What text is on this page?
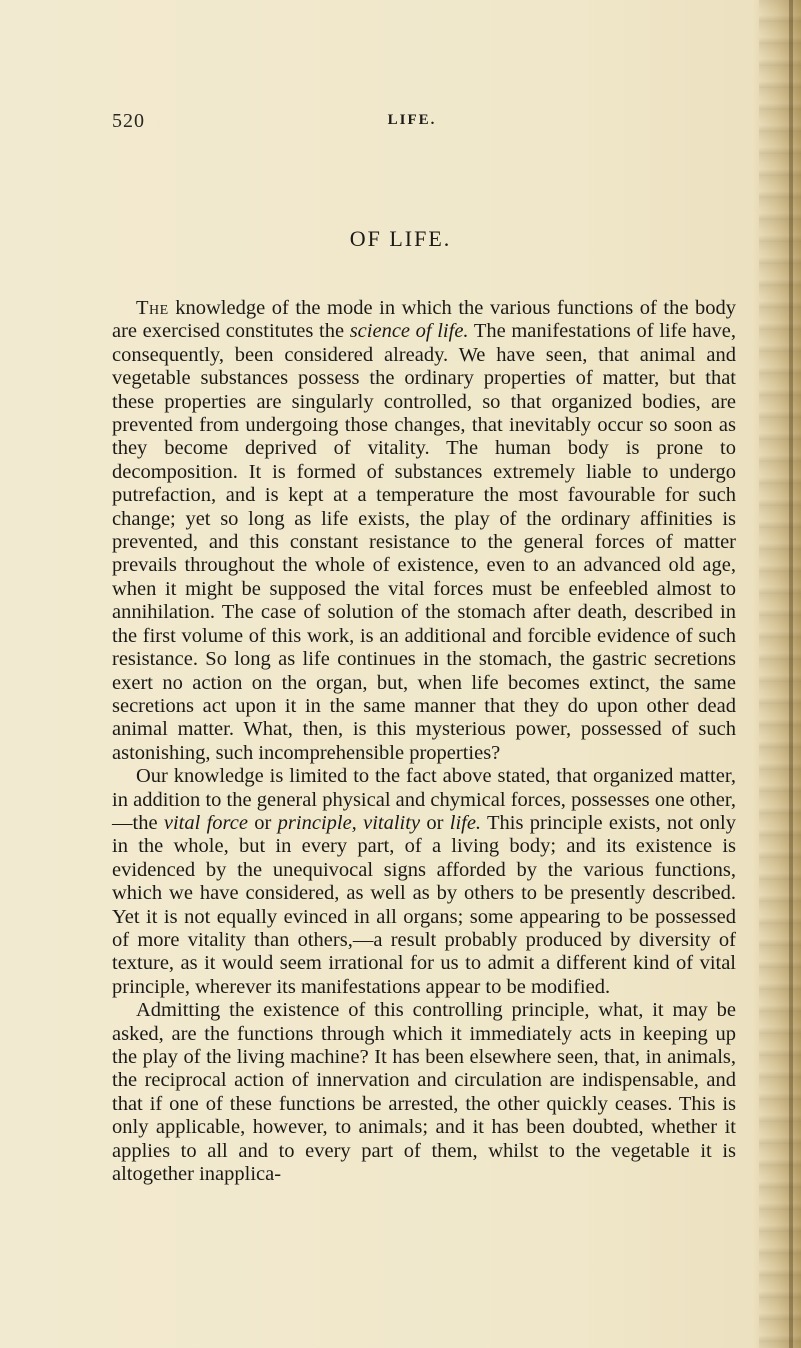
520	LIFE.
OF LIFE.

The knowledge of the mode in which the various functions of the body are exercised constitutes the science of life. The manifestations of life have, consequently, been considered already. We have seen, that animal and vegetable substances possess the ordinary properties of matter, but that these properties are singularly controlled, so that organized bodies, are prevented from undergoing those changes, that inevitably occur so soon as they become deprived of vitality. The human body is prone to decomposition. It is formed of substances extremely liable to undergo putrefaction, and is kept at a temperature the most favourable for such change; yet so long as life exists, the play of the ordinary affinities is prevented, and this constant resistance to the general forces of matter prevails throughout the whole of existence, even to an advanced old age, when it might be supposed the vital forces must be enfeebled almost to annihilation. The case of solution of the stomach after death, described in the first volume of this work, is an additional and forcible evidence of such resistance. So long as life continues in the stomach, the gastric secretions exert no action on the organ, but, when life becomes extinct, the same secretions act upon it in the same manner that they do upon other dead animal matter. What, then, is this mysterious power, possessed of such astonishing, such incomprehensible properties?

Our knowledge is limited to the fact above stated, that organized matter, in addition to the general physical and chymical forces, possesses one other,—the vital force or principle, vitality or life. This principle exists, not only in the whole, but in every part, of a living body; and its existence is evidenced by the unequivocal signs afforded by the various functions, which we have considered, as well as by others to be presently described. Yet it is not equally evinced in all organs; some appearing to be possessed of more vitality than others,—a result probably produced by diversity of texture, as it would seem irrational for us to admit a different kind of vital principle, wherever its manifestations appear to be modified.

Admitting the existence of this controlling principle, what, it may be asked, are the functions through which it immediately acts in keeping up the play of the living machine? It has been elsewhere seen, that, in animals, the reciprocal action of innervation and circulation are indispensable, and that if one of these functions be arrested, the other quickly ceases. This is only applicable, however, to animals; and it has been doubted, whether it applies to all and to every part of them, whilst to the vegetable it is altogether inapplica-
